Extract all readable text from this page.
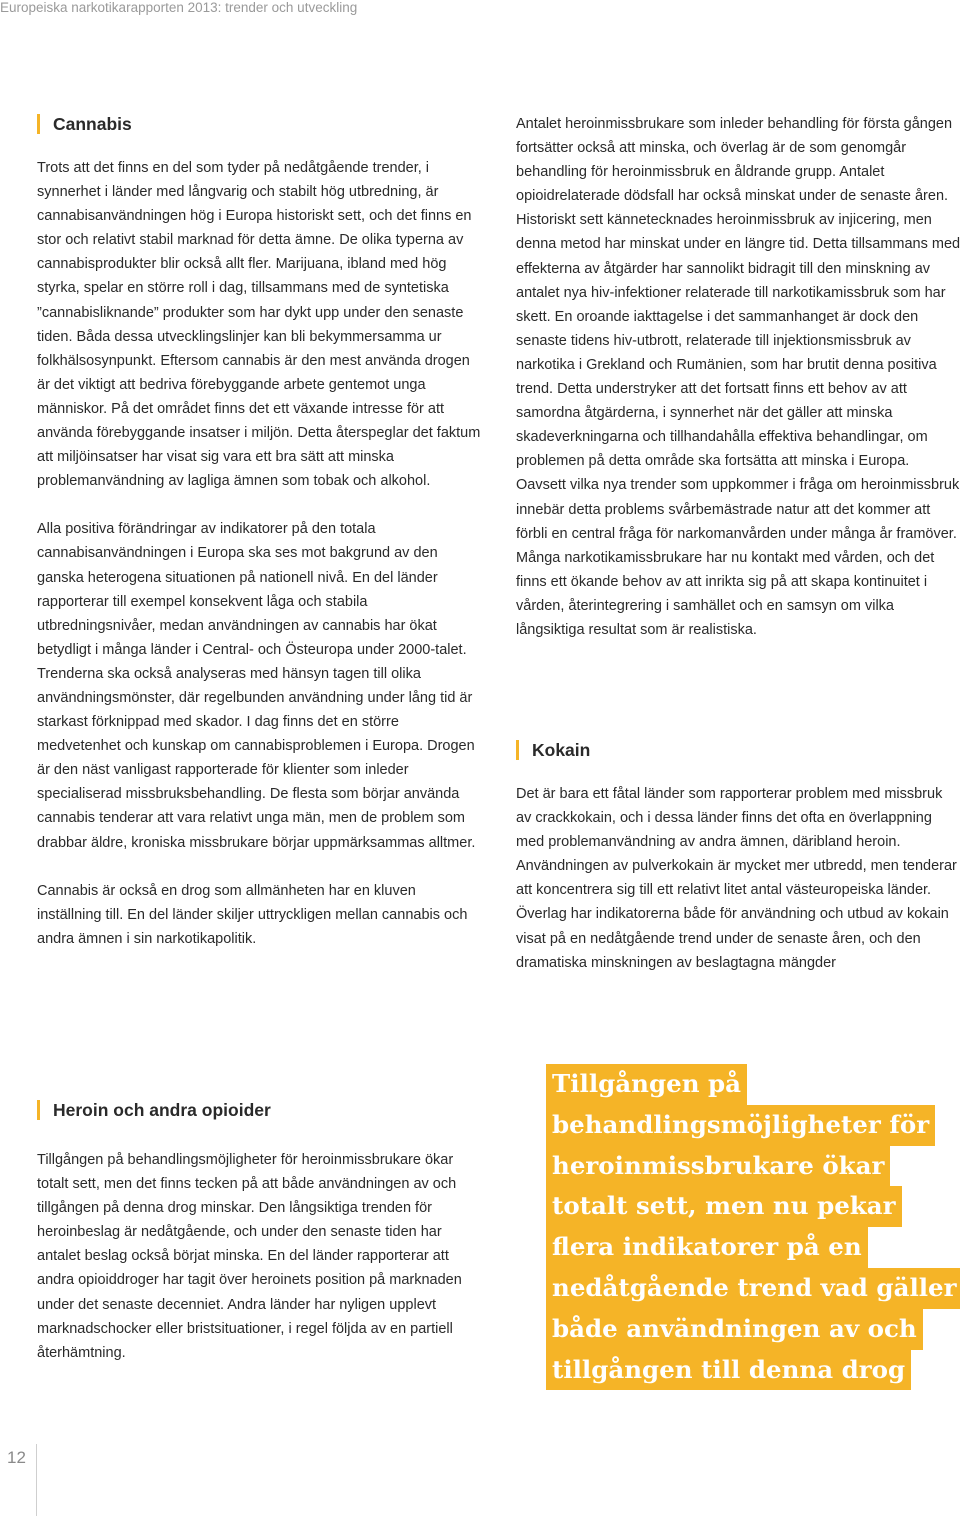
Europeiska narkotikarapporten 2013: trender och utveckling
Cannabis

Trots att det finns en del som tyder på nedåtgående trender, i synnerhet i länder med långvarig och stabilt hög utbredning, är cannabisanvändningen hög i Europa historiskt sett, och det finns en stor och relativt stabil marknad för detta ämne. De olika typerna av cannabisprodukter blir också allt fler. Marijuana, ibland med hög styrka, spelar en större roll i dag, tillsammans med de syntetiska ”cannabisliknande” produkter som har dykt upp under den senaste tiden. Båda dessa utvecklingslinjer kan bli bekymmersamma ur folkhälsosynpunkt. Eftersom cannabis är den mest använda drogen är det viktigt att bedriva förebyggande arbete gentemot unga människor. På det området finns det ett växande intresse för att använda förebyggande insatser i miljön. Detta återspeglar det faktum att miljöinsatser har visat sig vara ett bra sätt att minska problemanvändning av lagliga ämnen som tobak och alkohol.

Alla positiva förändringar av indikatorer på den totala cannabisanvändningen i Europa ska ses mot bakgrund av den ganska heterogena situationen på nationell nivå. En del länder rapporterar till exempel konsekvent låga och stabila utbredningsnivåer, medan användningen av cannabis har ökat betydligt i många länder i Central- och Östeuropa under 2000-talet. Trenderna ska också analyseras med hänsyn tagen till olika användningsmönster, där regelbunden användning under lång tid är starkast förknippad med skador. I dag finns det en större medvetenhet och kunskap om cannabisproblemen i Europa. Drogen är den näst vanligast rapporterade för klienter som inleder specialiserad missbruksbehandling. De flesta som börjar använda cannabis tenderar att vara relativt unga män, men de problem som drabbar äldre, kroniska missbrukare börjar uppmärksammas alltmer.

Cannabis är också en drog som allmänheten har en kluven inställning till. En del länder skiljer uttryckligen mellan cannabis och andra ämnen i sin narkotikapolitik.

Heroin och andra opioider

Tillgången på behandlingsmöjligheter för heroinmissbrukare ökar totalt sett, men det finns tecken på att både användningen av och tillgången på denna drog minskar. Den långsiktiga trenden för heroinbeslag är nedåtgående, och under den senaste tiden har antalet beslag också börjat minska. En del länder rapporterar att andra opioiddroger har tagit över heroinets position på marknaden under det senaste decenniet. Andra länder har nyligen upplevt marknadschocker eller bristsituationer, i regel följda av en partiell återhämtning.

Antalet heroinmissbrukare som inleder behandling för första gången fortsätter också att minska, och överlag är de som genomgår behandling för heroinmissbruk en åldrande grupp. Antalet opioidrelaterade dödsfall har också minskat under de senaste åren. Historiskt sett kännetecknades heroinmissbruk av injicering, men denna metod har minskat under en längre tid. Detta tillsammans med effekterna av åtgärder har sannolikt bidragit till den minskning av antalet nya hiv-infektioner relaterade till narkotikamissbruk som har skett. En oroande iakttagelse i det sammanhanget är dock den senaste tidens hiv-utbrott, relaterade till injektionsmissbruk av narkotika i Grekland och Rumänien, som har brutit denna positiva trend. Detta understryker att det fortsatt finns ett behov av att samordna åtgärderna, i synnerhet när det gäller att minska skadeverkningarna och tillhandahålla effektiva behandlingar, om problemen på detta område ska fortsätta att minska i Europa. Oavsett vilka nya trender som uppkommer i fråga om heroinmissbruk innebär detta problems svårbemästrade natur att det kommer att förbli en central fråga för narkomanvården under många år framöver. Många narkotikamissbrukare har nu kontakt med vården, och det finns ett ökande behov av att inrikta sig på att skapa kontinuitet i vården, återintegrering i samhället och en samsyn om vilka långsiktiga resultat som är realistiska.

Kokain

Det är bara ett fåtal länder som rapporterar problem med missbruk av crackkokain, och i dessa länder finns det ofta en överlappning med problemanvändning av andra ämnen, däribland heroin. Användningen av pulverkokain är mycket mer utbredd, men tenderar att koncentrera sig till ett relativt litet antal västeuropeiska länder. Överlag har indikatorerna både för användning och utbud av kokain visat på en nedåtgående trend under de senaste åren, och den dramatiska minskningen av beslagtagna mängder

Tillgången på
behandlingsmöjligheter för
heroinmissbrukare ökar
totalt sett, men nu pekar
flera indikatorer på en
nedåtgående trend vad gäller
både användningen av och
tillgången till denna drog
12
